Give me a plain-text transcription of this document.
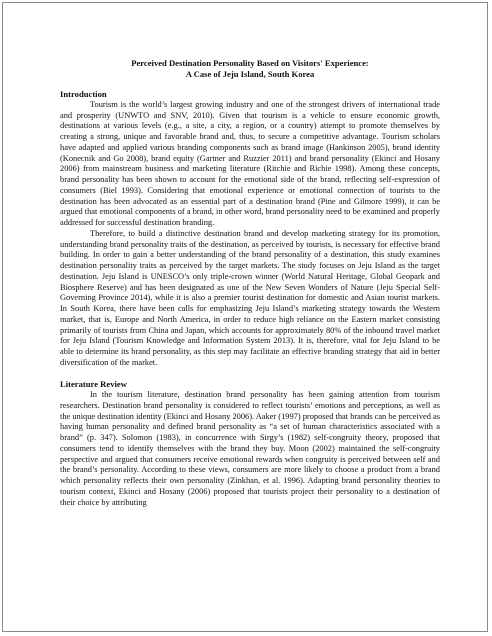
Perceived Destination Personality Based on Visitors' Experience:
A Case of Jeju Island, South Korea

Introduction

Tourism is the world’s largest growing industry and one of the strongest drivers of international trade and prosperity (UNWTO and SNV, 2010). Given that tourism is a vehicle to ensure economic growth, destinations at various levels (e.g., a site, a city, a region, or a country) attempt to promote themselves by creating a strong, unique and favorable brand and, thus, to secure a competitive advantage. Tourism scholars have adapted and applied various branding components such as brand image (Hankinson 2005), brand identity (Konecnik and Go 2008), brand equity (Gartner and Ruzzier 2011) and brand personality (Ekinci and Hosany 2006) from mainstream business and marketing literature (Ritchie and Richie 1998). Among these concepts, brand personality has been shown to account for the emotional side of the brand, reflecting self-expression of consumers (Biel 1993). Considering that emotional experience or emotional connection of tourists to the destination has been advocated as an essential part of a destination brand (Pine and Gilmore 1999), it can be argued that emotional components of a brand, in other word, brand personality need to be examined and properly addressed for successful destination branding.

Therefore, to build a distinctive destination brand and develop marketing strategy for its promotion, understanding brand personality traits of the destination, as perceived by tourists, is necessary for effective brand building. In order to gain a better understanding of the brand personality of a destination, this study examines destination personality traits as perceived by the target markets. The study focuses on Jeju Island as the target destination. Jeju Island is UNESCO’s only triple-crown winner (World Natural Heritage, Global Geopark and Biosphere Reserve) and has been designated as one of the New Seven Wonders of Nature (Jeju Special Self-Governing Province 2014), while it is also a premier tourist destination for domestic and Asian tourist markets. In South Korea, there have been calls for emphasizing Jeju Island’s marketing strategy towards the Western market, that is, Europe and North America, in order to reduce high reliance on the Eastern market consisting primarily of tourists from China and Japan, which accounts for approximately 80% of the inbound travel market for Jeju Island (Tourism Knowledge and Information System 2013). It is, therefore, vital for Jeju Island to be able to determine its brand personality, as this step may facilitate an effective branding strategy that aid in better diversification of the market.

Literature Review

In the tourism literature, destination brand personality has been gaining attention from tourism researchers. Destination brand personality is considered to reflect tourists’ emotions and perceptions, as well as the unique destination identity (Ekinci and Hosany 2006). Aaker (1997) proposed that brands can be perceived as having human personality and defined brand personality as “a set of human characteristics associated with a brand” (p. 347). Solomon (1983), in concurrence with Sirgy’s (1982) self-congruity theory, proposed that consumers tend to identify themselves with the brand they buy. Moon (2002) maintained the self-congruity perspective and argued that consumers receive emotional rewards when congruity is perceived between self and the brand’s personality. According to these views, consumers are more likely to choose a product from a brand which personality reflects their own personality (Zinkhan, et al. 1996). Adapting brand personality theories to tourism context, Ekinci and Hosany (2006) proposed that tourists project their personality to a destination of their choice by attributing
